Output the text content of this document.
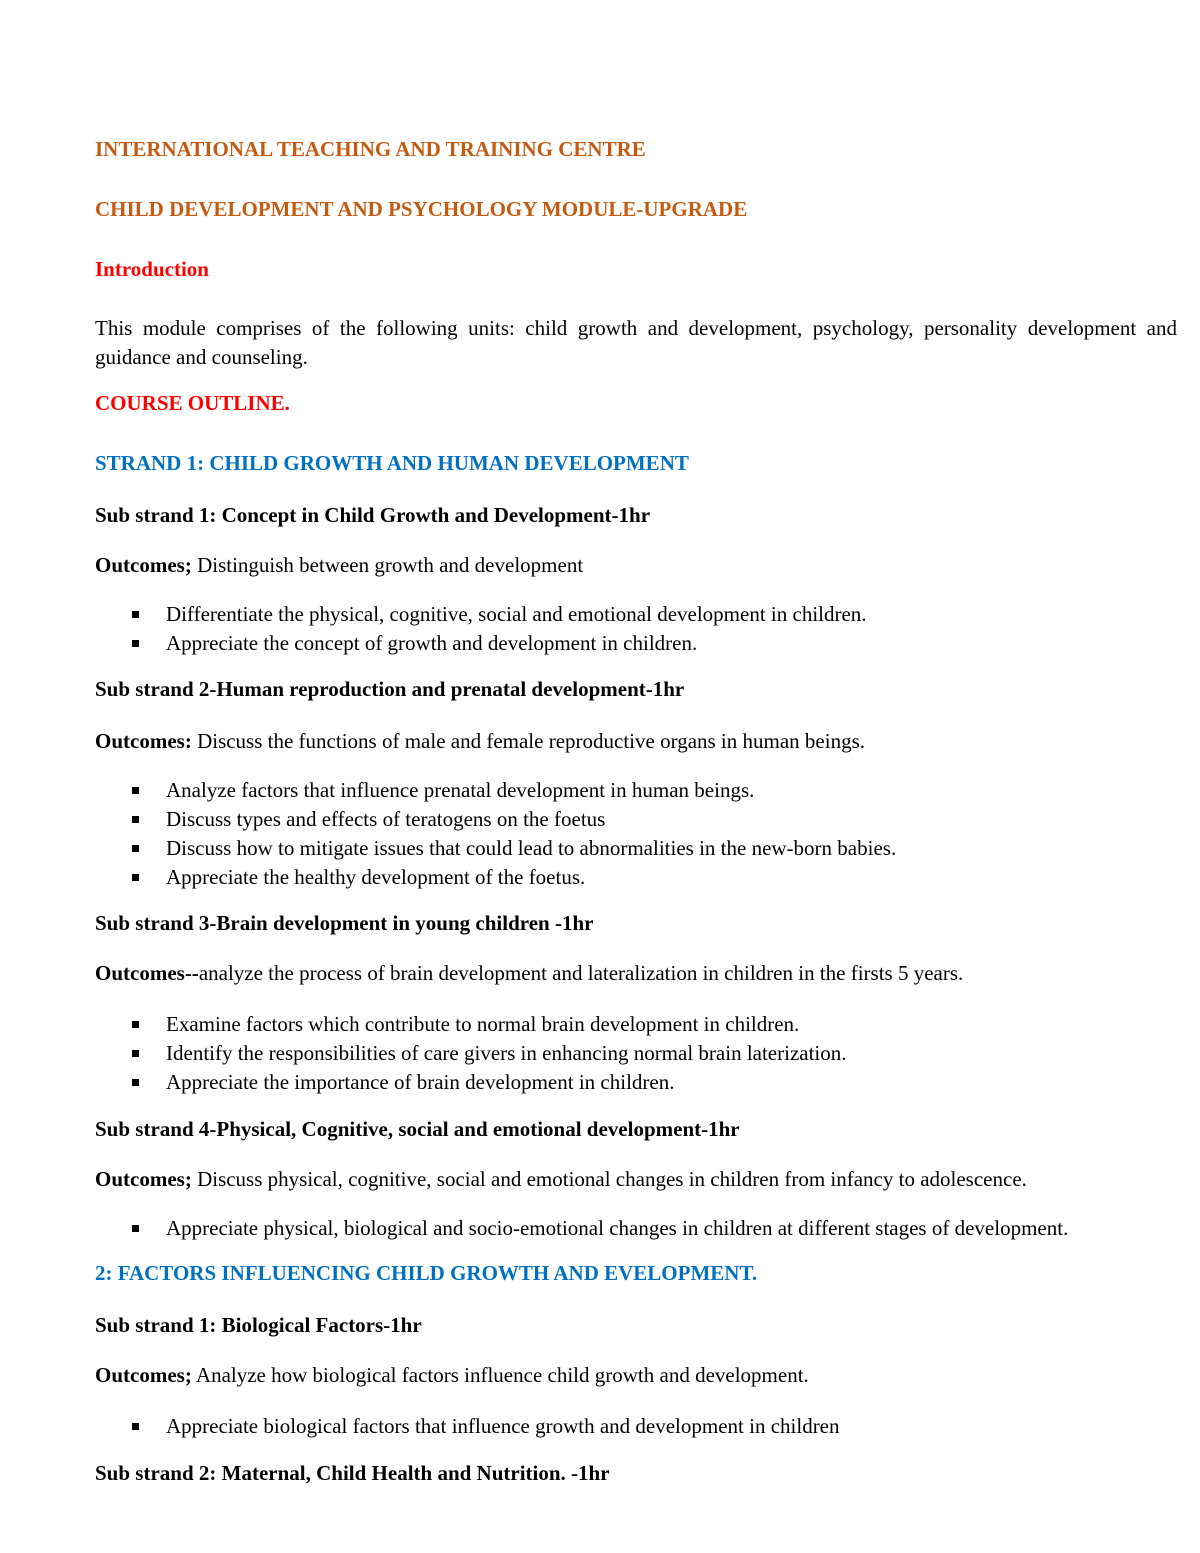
INTERNATIONAL TEACHING AND TRAINING CENTRE

CHILD DEVELOPMENT AND PSYCHOLOGY MODULE-UPGRADE

Introduction

This module comprises of the following units: child growth and development, psychology, personality development and guidance and counseling.

COURSE OUTLINE.

STRAND 1: CHILD GROWTH AND HUMAN DEVELOPMENT

Sub strand 1: Concept in Child Growth and Development-1hr

Outcomes; Distinguish between growth and development

Differentiate the physical, cognitive, social and emotional development in children.
Appreciate the concept of growth and development in children.

Sub strand 2-Human reproduction and prenatal development-1hr

Outcomes: Discuss the functions of male and female reproductive organs in human beings.

Analyze factors that influence prenatal development in human beings.
Discuss types and effects of teratogens on the foetus
Discuss how to mitigate issues that could lead to abnormalities in the new-born babies.
Appreciate the healthy development of the foetus.

Sub strand 3-Brain development in young children -1hr

Outcomes--analyze the process of brain development and lateralization in children in the firsts 5 years.

Examine factors which contribute to normal brain development in children.
Identify the responsibilities of care givers in enhancing normal brain laterization.
Appreciate the importance of brain development in children.

Sub strand 4-Physical, Cognitive, social and emotional development-1hr

Outcomes; Discuss physical, cognitive, social and emotional changes in children from infancy to adolescence.

Appreciate physical, biological and socio-emotional changes in children at different stages of development.

2: FACTORS INFLUENCING CHILD GROWTH AND EVELOPMENT.

Sub strand 1: Biological Factors-1hr

Outcomes; Analyze how biological factors influence child growth and development.

Appreciate biological factors that influence growth and development in children

Sub strand 2: Maternal, Child Health and Nutrition. -1hr
